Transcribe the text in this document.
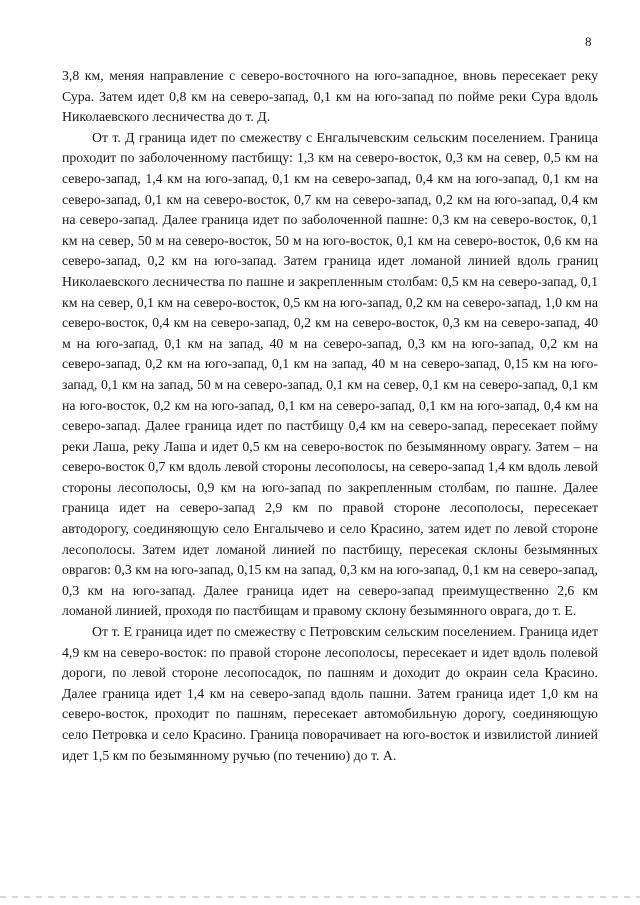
8

3,8 км, меняя направление с северо-восточного на юго-западное, вновь пересекает реку Сура. Затем идет 0,8 км на северо-запад, 0,1 км на юго-запад по пойме реки Сура вдоль Николаевского лесничества до т. Д.

От т. Д граница идет по смежеству с Енгалычевским сельским поселением. Граница проходит по заболоченному пастбищу: 1,3 км на северо-восток, 0,3 км на север, 0,5 км на северо-запад, 1,4 км на юго-запад, 0,1 км на северо-запад, 0,4 км на юго-запад, 0,1 км на северо-запад, 0,1 км на северо-восток, 0,7 км на северо-запад, 0,2 км на юго-запад, 0,4 км на северо-запад. Далее граница идет по заболоченной пашне: 0,3 км на северо-восток, 0,1 км на север, 50 м на северо-восток, 50 м на юго-восток, 0,1 км на северо-восток, 0,6 км на северо-запад, 0,2 км на юго-запад. Затем граница идет ломаной линией вдоль границ Николаевского лесничества по пашне и закрепленным столбам: 0,5 км на северо-запад, 0,1 км на север, 0,1 км на северо-восток, 0,5 км на юго-запад, 0,2 км на северо-запад, 1,0 км на северо-восток, 0,4 км на северо-запад, 0,2 км на северо-восток, 0,3 км на северо-запад, 40 м на юго-запад, 0,1 км на запад, 40 м на северо-запад, 0,3 км на юго-запад, 0,2 км на северо-запад, 0,2 км на юго-запад, 0,1 км на запад, 40 м на северо-запад, 0,15 км на юго-запад, 0,1 км на запад, 50 м на северо-запад, 0,1 км на север, 0,1 км на северо-запад, 0,1 км на юго-восток, 0,2 км на юго-запад, 0,1 км на северо-запад, 0,1 км на юго-запад, 0,4 км на северо-запад. Далее граница идет по пастбищу 0,4 км на северо-запад, пересекает пойму реки Лаша, реку Лаша и идет 0,5 км на северо-восток по безымянному оврагу. Затем – на северо-восток 0,7 км вдоль левой стороны лесополосы, на северо-запад 1,4 км вдоль левой стороны лесополосы, 0,9 км на юго-запад по закрепленным столбам, по пашне. Далее граница идет на северо-запад 2,9 км по правой стороне лесополосы, пересекает автодорогу, соединяющую село Енгалычево и село Красино, затем идет по левой стороне лесополосы. Затем идет ломаной линией по пастбищу, пересекая склоны безымянных оврагов: 0,3 км на юго-запад, 0,15 км на запад, 0,3 км на юго-запад, 0,1 км на северо-запад, 0,3 км на юго-запад. Далее граница идет на северо-запад преимущественно 2,6 км ломаной линией, проходя по пастбищам и правому склону безымянного оврага, до т. Е.

От т. Е граница идет по смежеству с Петровским сельским поселением. Граница идет 4,9 км на северо-восток: по правой стороне лесополосы, пересекает и идет вдоль полевой дороги, по левой стороне лесопосадок, по пашням и доходит до окраин села Красино. Далее граница идет 1,4 км на северо-запад вдоль пашни. Затем граница идет 1,0 км на северо-восток, проходит по пашням, пересекает автомобильную дорогу, соединяющую село Петровка и село Красино. Граница поворачивает на юго-восток и извилистой линией идет 1,5 км по безымянному ручью (по течению) до т. А.
